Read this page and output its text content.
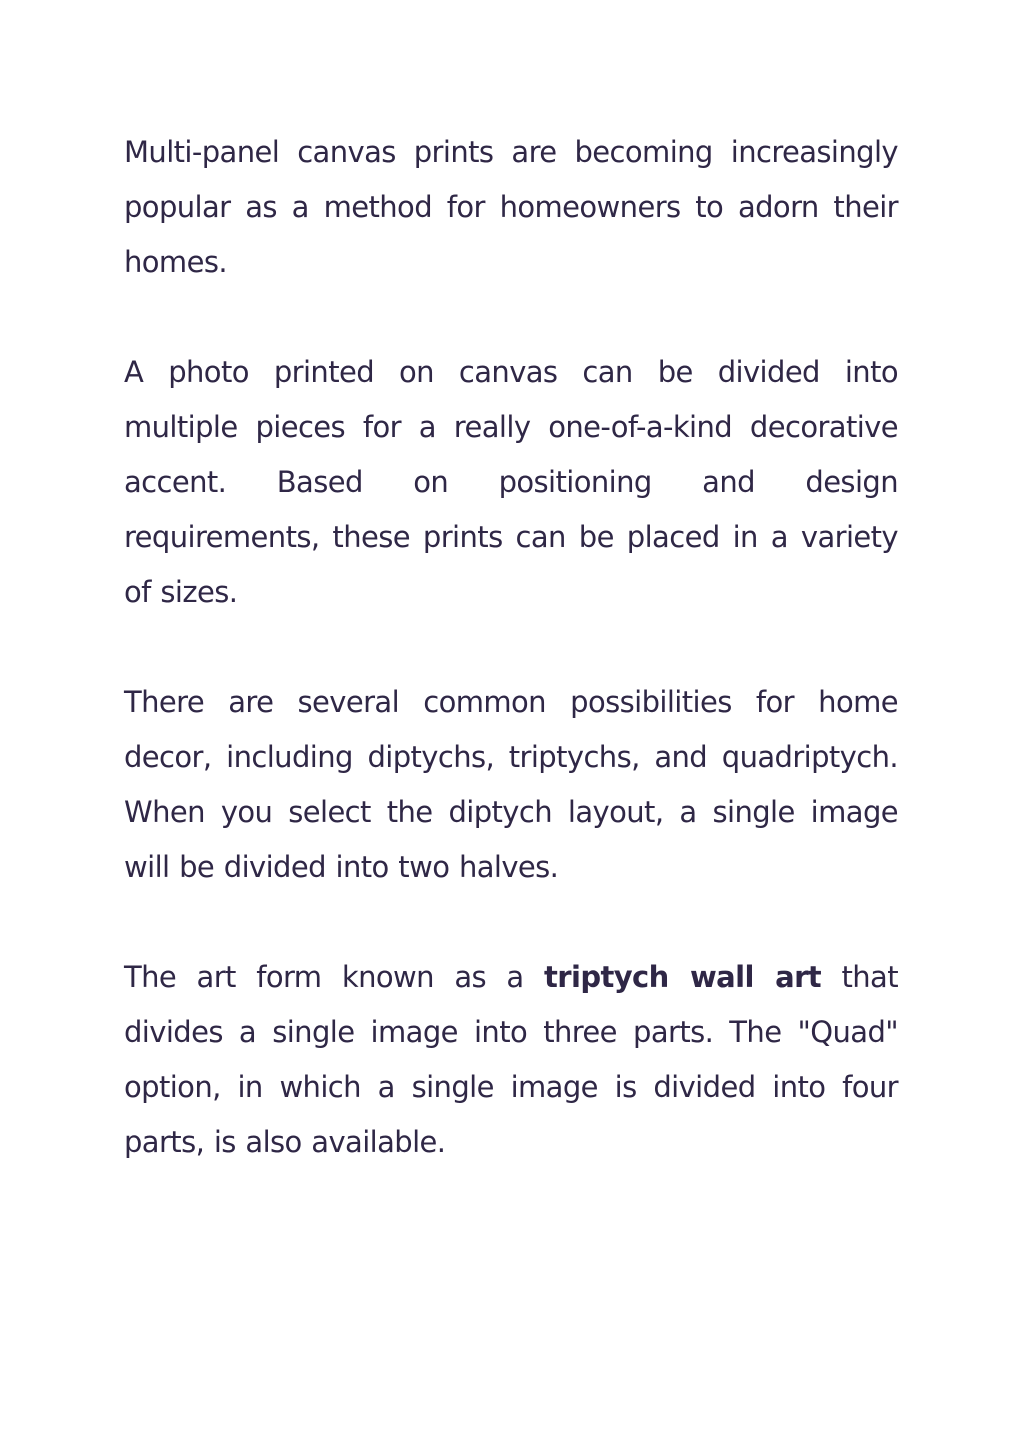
Multi-panel canvas prints are becoming increasingly popular as a method for homeowners to adorn their homes.

A photo printed on canvas can be divided into multiple pieces for a really one-of-a-kind decorative accent. Based on positioning and design requirements, these prints can be placed in a variety of sizes.

There are several common possibilities for home decor, including diptychs, triptychs, and quadriptych. When you select the diptych layout, a single image will be divided into two halves.

The art form known as a triptych wall art that divides a single image into three parts. The "Quad" option, in which a single image is divided into four parts, is also available.
